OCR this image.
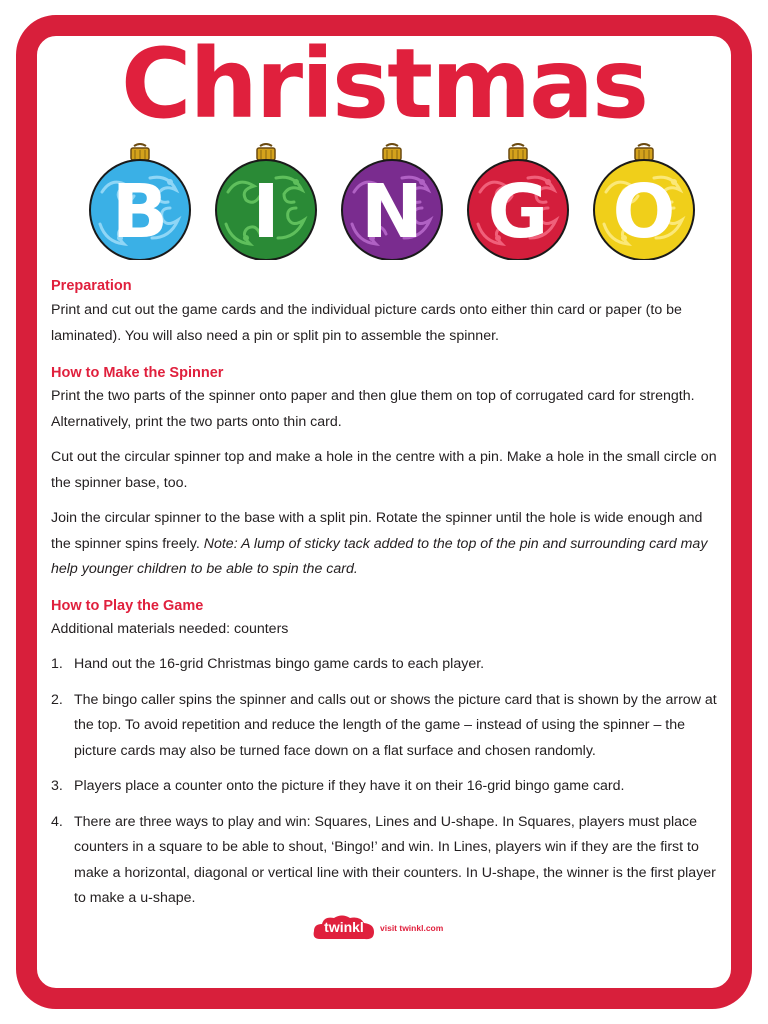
Christmas
B	I	N G O
Preparation

Print and cut out the game cards and the individual picture cards onto either thin card or paper (to be laminated). You will also need a pin or split pin to assemble the spinner.

How to Make the Spinner

Print the two parts of the spinner onto paper and then glue them on top of corrugated card for strength. Alternatively, print the two parts onto thin card.

Cut out the circular spinner top and make a hole in the centre with a pin. Make a hole in the small circle on the spinner base, too.

Join the circular spinner to the base with a split pin. Rotate the spinner until the hole is wide enough and the spinner spins freely. Note: A lump of sticky tack added to the top of the pin and surrounding card may help younger children to be able to spin the card.

How to Play the Game

Additional materials needed: counters

1. Hand out the 16-grid Christmas bingo game cards to each player.
2. The bingo caller spins the spinner and calls out or shows the picture card that is shown by the arrow at the top. To avoid repetition and reduce the length of the game – instead of using the spinner – the picture cards may also be turned face down on a flat surface and chosen randomly.
3. Players place a counter onto the picture if they have it on their 16-grid bingo game card.
4. There are three ways to play and win: Squares, Lines and U-shape. In Squares, players must place counters in a square to be able to shout, ‘Bingo!’ and win. In Lines, players win if they are the first to make a horizontal, diagonal or vertical line with their counters. In U-shape, the winner is the first player to make a u-shape.
twinkl	visit twinkl.com
